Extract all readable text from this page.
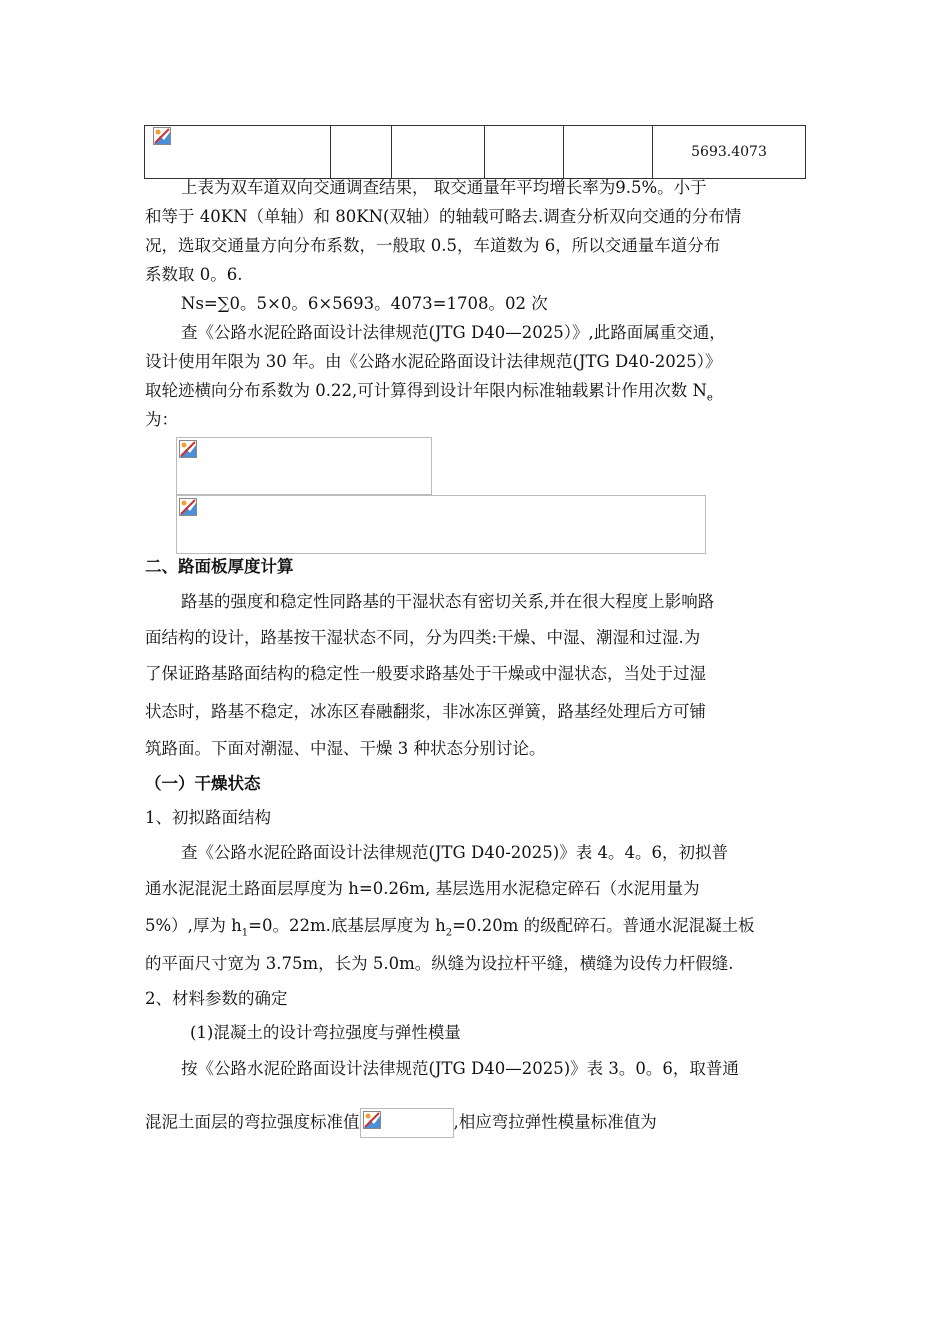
					5693.4073
上表为双车道双向交通调查结果， 取交通量年平均增长率为9.5%。小于
和等于 40KN（单轴）和 80KN(双轴）的轴载可略去.调查分析双向交通的分布情
况，选取交通量方向分布系数，一般取 0.5，车道数为 6，所以交通量车道分布
系数取 0。6.
Ns=∑0。5×0。6×5693。4073=1708。02 次
查《公路水泥砼路面设计法律规范(JTG D40—2025）》,此路面属重交通，
设计使用年限为 30 年。由《公路水泥砼路面设计法律规范(JTG D40-2025）》
取轮迹横向分布系数为 0.22,可计算得到设计年限内标准轴载累计作用次数 $N_e$
为：
二、路面板厚度计算
路基的强度和稳定性同路基的干湿状态有密切关系,并在很大程度上影响路
面结构的设计，路基按干湿状态不同，分为四类:干燥、中湿、潮湿和过湿.为
了保证路基路面结构的稳定性一般要求路基处于干燥或中湿状态，当处于过湿
状态时，路基不稳定，冰冻区春融翻浆，非冰冻区弹簧，路基经处理后方可铺
筑路面。下面对潮湿、中湿、干燥 3 种状态分别讨论。
（一）干燥状态
1、初拟路面结构
查《公路水泥砼路面设计法律规范(JTG D40-2025)》表 4。4。6，初拟普
通水泥混泥土路面层厚度为 h=0.26m, 基层选用水泥稳定碎石（水泥用量为
5%）,厚为 $h_1=0$。22m.底基层厚度为 $h_2=0.20m$ 的级配碎石。普通水泥混凝土板
的平面尺寸宽为 3.75m，长为 5.0m。纵缝为设拉杆平缝，横缝为设传力杆假缝.
2、材料参数的确定
(1)混凝土的设计弯拉强度与弹性模量
按《公路水泥砼路面设计法律规范(JTG D40—2025)》表 3。0。6，取普通
混泥土面层的弯拉强度标准值	,相应弯拉弹性模量标准值为
